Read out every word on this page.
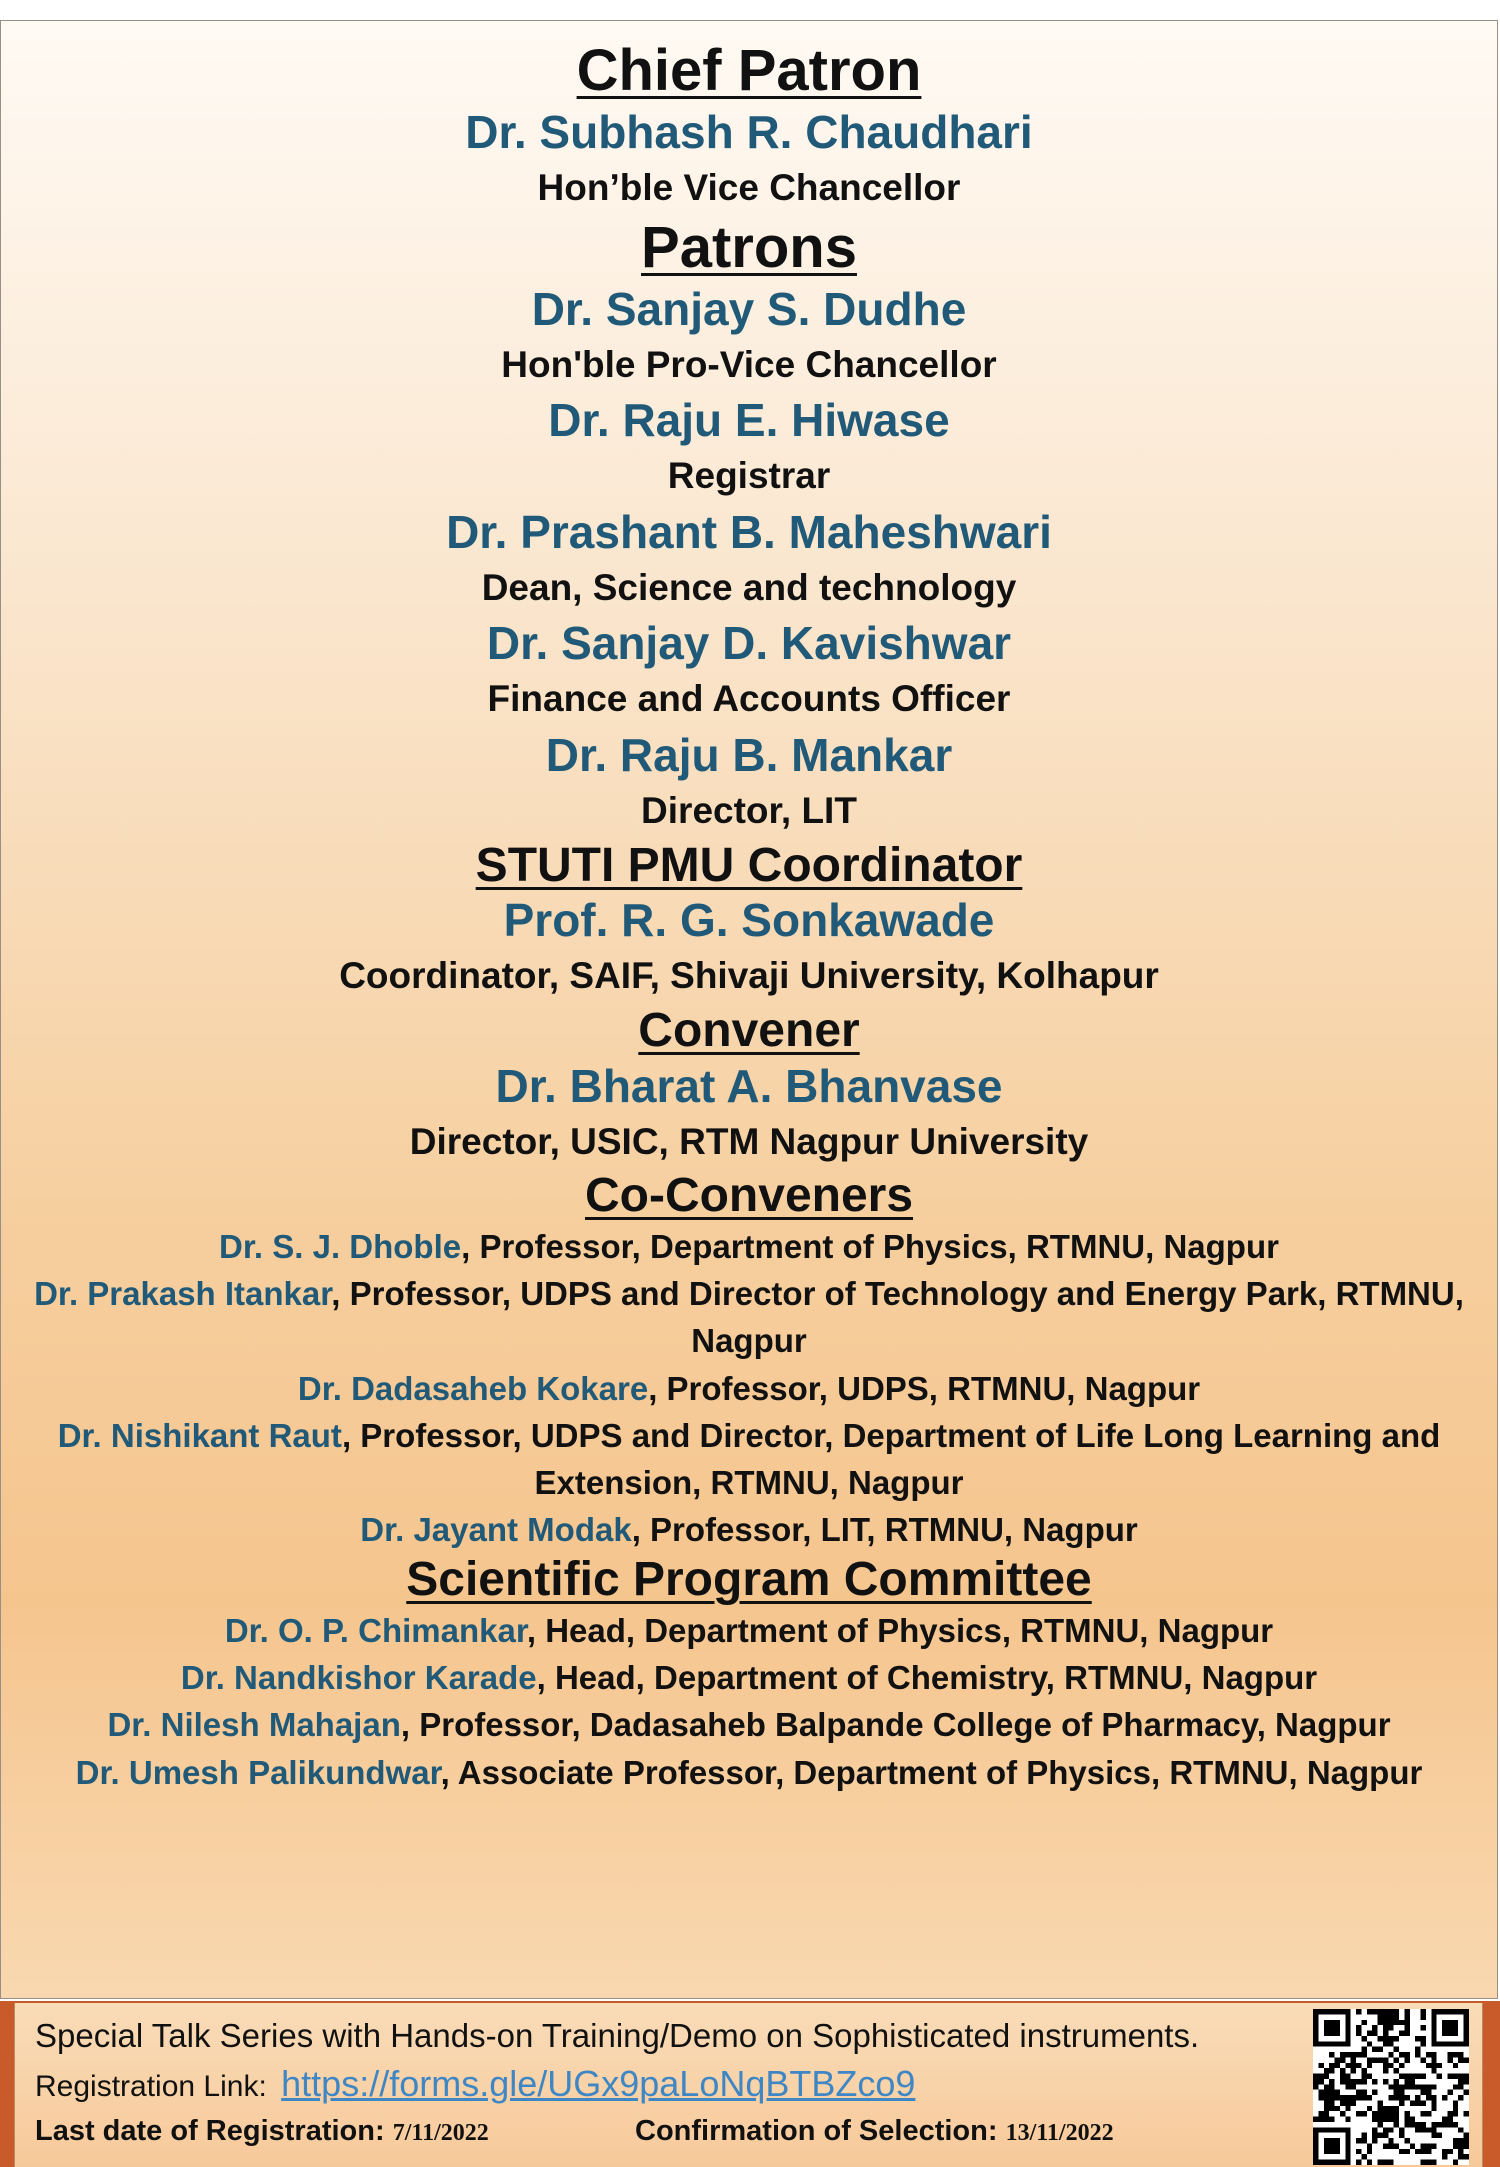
Chief Patron

Dr. Subhash R. Chaudhari

Hon’ble Vice Chancellor

Patrons

Dr. Sanjay S. Dudhe

Hon'ble Pro-Vice Chancellor

Dr. Raju E. Hiwase

Registrar

Dr. Prashant B. Maheshwari

Dean, Science and technology

Dr. Sanjay D. Kavishwar

Finance and Accounts Officer

Dr. Raju B. Mankar

Director, LIT

STUTI PMU Coordinator

Prof. R. G. Sonkawade

Coordinator, SAIF, Shivaji University, Kolhapur

Convener

Dr. Bharat A. Bhanvase

Director, USIC, RTM Nagpur University

Co-Conveners

Dr. S. J. Dhoble, Professor, Department of Physics, RTMNU, Nagpur

Dr. Prakash Itankar, Professor, UDPS and Director of Technology and Energy Park, RTMNU, Nagpur

Dr. Dadasaheb Kokare, Professor, UDPS, RTMNU, Nagpur

Dr. Nishikant Raut, Professor, UDPS and Director, Department of Life Long Learning and Extension, RTMNU, Nagpur

Dr. Jayant Modak, Professor, LIT, RTMNU, Nagpur

Scientific Program Committee

Dr. O. P. Chimankar, Head, Department of Physics, RTMNU, Nagpur

Dr. Nandkishor Karade, Head, Department of Chemistry, RTMNU, Nagpur

Dr. Nilesh Mahajan, Professor, Dadasaheb Balpande College of Pharmacy, Nagpur

Dr. Umesh Palikundwar, Associate Professor, Department of Physics, RTMNU, Nagpur

Special Talk Series with Hands-on Training/Demo on Sophisticated instruments.
Registration Link: https://forms.gle/UGx9paLoNqBTBZco9
Last date of Registration: 7/11/2022	Confirmation of Selection: 13/11/2022
